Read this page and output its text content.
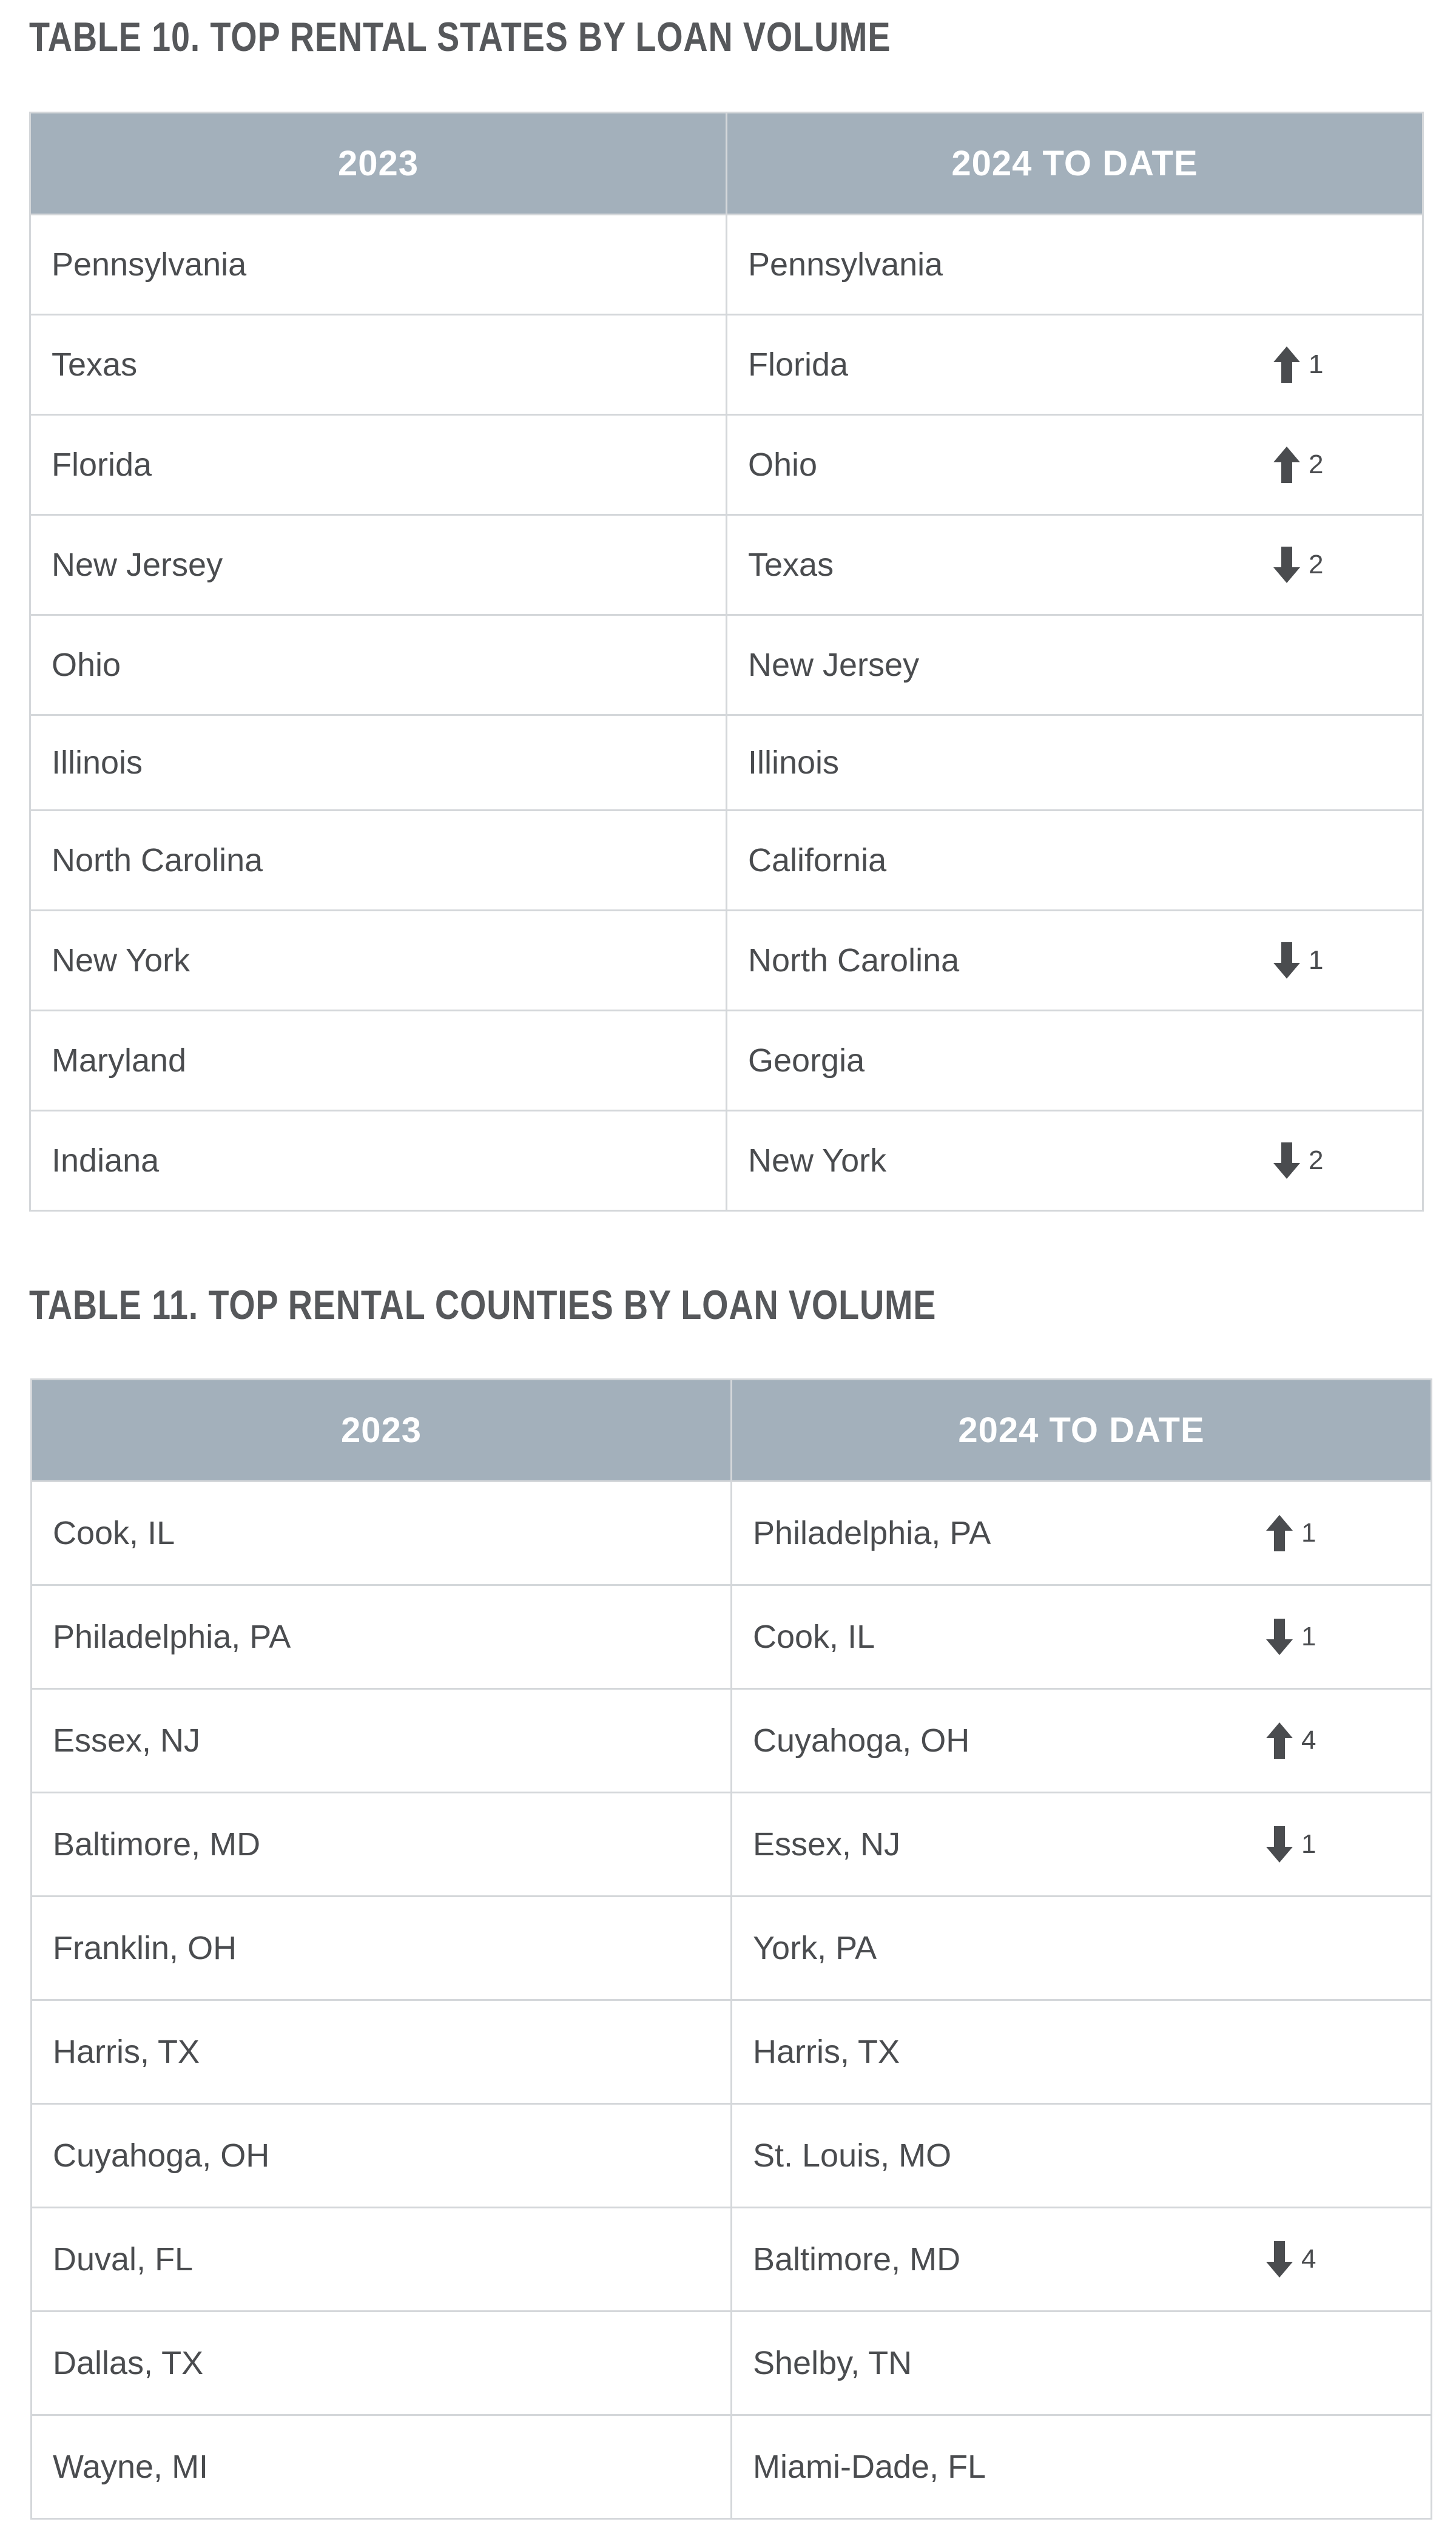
TABLE 10. TOP RENTAL STATES BY LOAN VOLUME
2023	2024 TO DATE
Pennsylvania	Pennsylvania
Texas	Florida 1

Florida	Ohio 2

New Jersey	Texas 2

Ohio	New Jersey
Illinois	Illinois
North Carolina	California
New York	North Carolina 1

Maryland	Georgia
Indiana	New York 2
TABLE 11. TOP RENTAL COUNTIES BY LOAN VOLUME
2023	2024 TO DATE
Cook, IL	Philadelphia, PA 1

Philadelphia, PA	Cook, IL 1

Essex, NJ	Cuyahoga, OH 4

Baltimore, MD	Essex, NJ 1

Franklin, OH	York, PA
Harris, TX	Harris, TX
Cuyahoga, OH	St. Louis, MO
Duval, FL	Baltimore, MD 4

Dallas, TX	Shelby, TN
Wayne, MI	Miami-Dade, FL
